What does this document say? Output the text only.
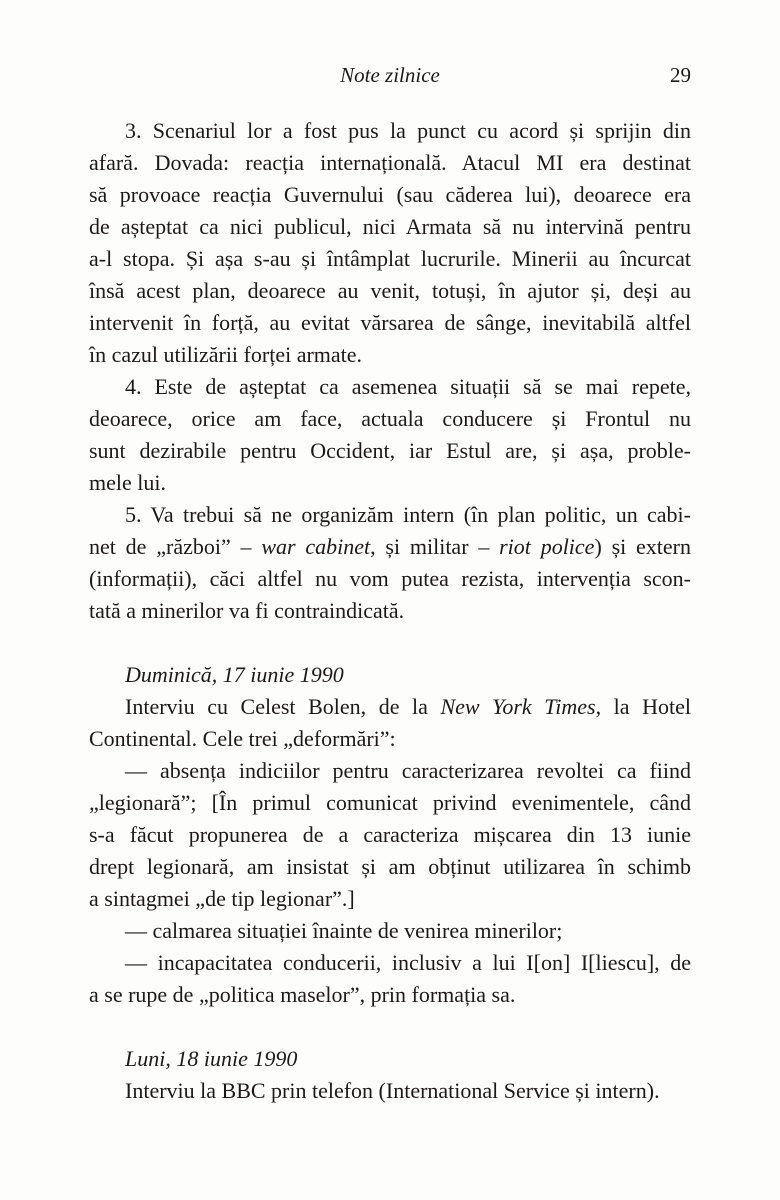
Note zilnice	29
3. Scenariul lor a fost pus la punct cu acord și sprijin din
afară. Dovada: reacția internațională. Atacul MI era destinat
să provoace reacția Guvernului (sau căderea lui), deoarece era
de așteptat ca nici publicul, nici Armata să nu intervină pentru
a-l stopa. Și așa s-au și întâmplat lucrurile. Minerii au încurcat
însă acest plan, deoarece au venit, totuși, în ajutor și, deși au
intervenit în forță, au evitat vărsarea de sânge, inevitabilă altfel
în cazul utilizării forței armate.
4. Este de așteptat ca asemenea situații să se mai repete,
deoarece, orice am face, actuala conducere și Frontul nu
sunt dezirabile pentru Occident, iar Estul are, și așa, proble-
mele lui.
5. Va trebui să ne organizăm intern (în plan politic, un cabi-
net de „război” – war cabinet, și militar – riot police) și extern
(informații), căci altfel nu vom putea rezista, intervenția scon-
tată a minerilor va fi contraindicată.
Duminică, 17 iunie 1990
Interviu cu Celest Bolen, de la New York Times, la Hotel
Continental. Cele trei „deformări”:
— absența indiciilor pentru caracterizarea revoltei ca fiind
„legionară”; [În primul comunicat privind evenimentele, când
s-a făcut propunerea de a caracteriza mișcarea din 13 iunie
drept legionară, am insistat și am obținut utilizarea în schimb
a sintagmei „de tip legionar”.]
— calmarea situației înainte de venirea minerilor;
— incapacitatea conducerii, inclusiv a lui I[on] I[liescu], de
a se rupe de „politica maselor”, prin formația sa.
Luni, 18 iunie 1990
Interviu la BBC prin telefon (International Service și intern).
